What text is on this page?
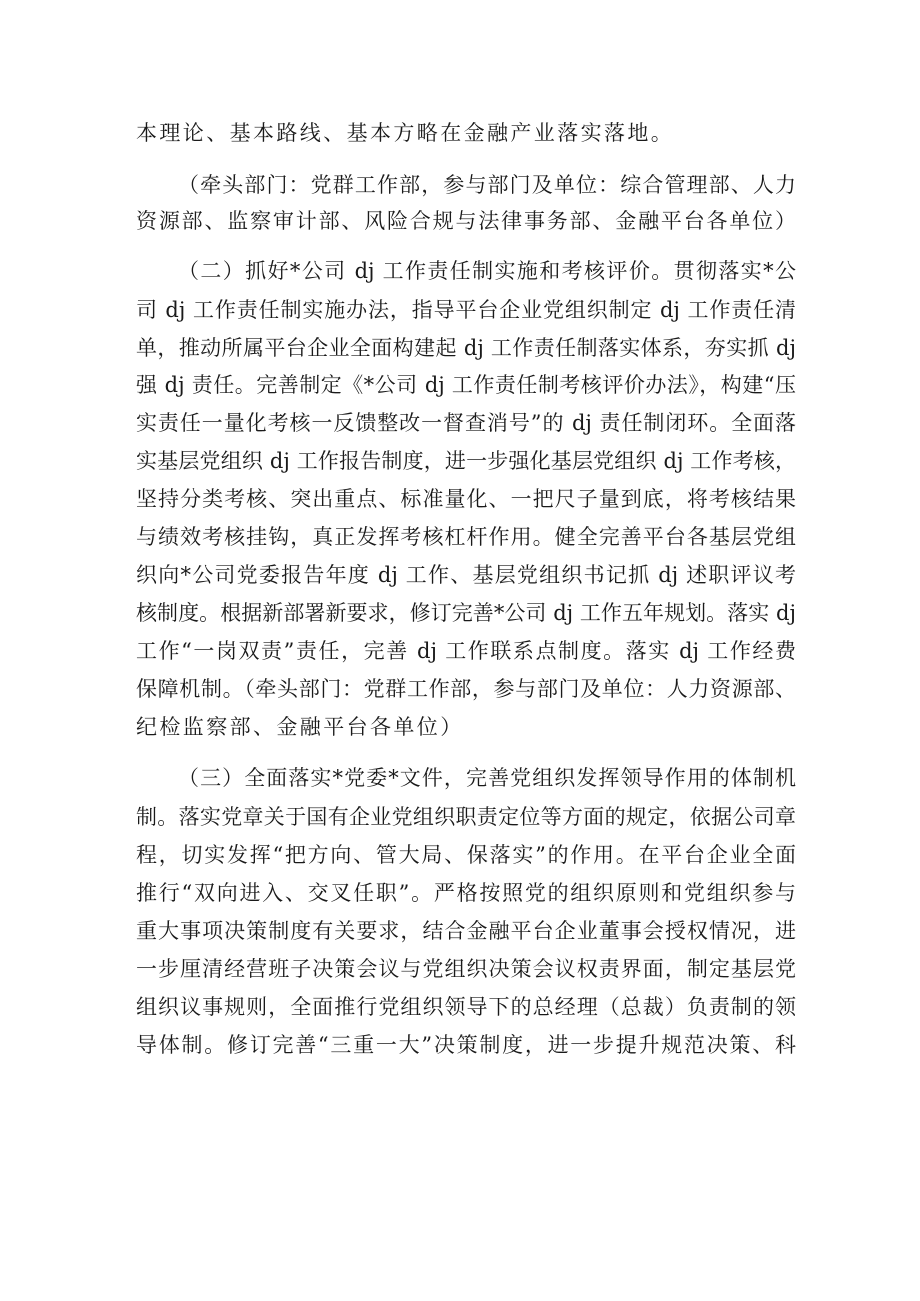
本理论、基本路线、基本方略在金融产业落实落地。
（牵头部门：党群工作部，参与部门及单位：综合管理部、人力
资源部、监察审计部、风险合规与法律事务部、金融平台各单位）
（二）抓好*公司 dj 工作责任制实施和考核评价。贯彻落实*公
司 dj 工作责任制实施办法，指导平台企业党组织制定 dj 工作责任清
单，推动所属平台企业全面构建起 dj 工作责任制落实体系，夯实抓 dj
强 dj 责任。完善制定《*公司 dj 工作责任制考核评价办法》，构建“压
实责任一量化考核一反馈整改一督查消号”的 dj 责任制闭环。全面落
实基层党组织 dj 工作报告制度，进一步强化基层党组织 dj 工作考核，
坚持分类考核、突出重点、标准量化、一把尺子量到底，将考核结果
与绩效考核挂钩，真正发挥考核杠杆作用。健全完善平台各基层党组
织向*公司党委报告年度 dj 工作、基层党组织书记抓 dj 述职评议考
核制度。根据新部署新要求，修订完善*公司 dj 工作五年规划。落实 dj
工作“一岗双责”责任，完善 dj 工作联系点制度。落实 dj 工作经费
保障机制。（牵头部门：党群工作部，参与部门及单位：人力资源部、
纪检监察部、金融平台各单位）
（三）全面落实*党委*文件，完善党组织发挥领导作用的体制机
制。落实党章关于国有企业党组织职责定位等方面的规定，依据公司章
程，切实发挥“把方向、管大局、保落实”的作用。在平台企业全面
推行“双向进入、交叉任职”。严格按照党的组织原则和党组织参与
重大事项决策制度有关要求，结合金融平台企业董事会授权情况，进
一步厘清经营班子决策会议与党组织决策会议权责界面，制定基层党
组织议事规则，全面推行党组织领导下的总经理（总裁）负责制的领
导体制。修订完善“三重一大”决策制度，进一步提升规范决策、科
